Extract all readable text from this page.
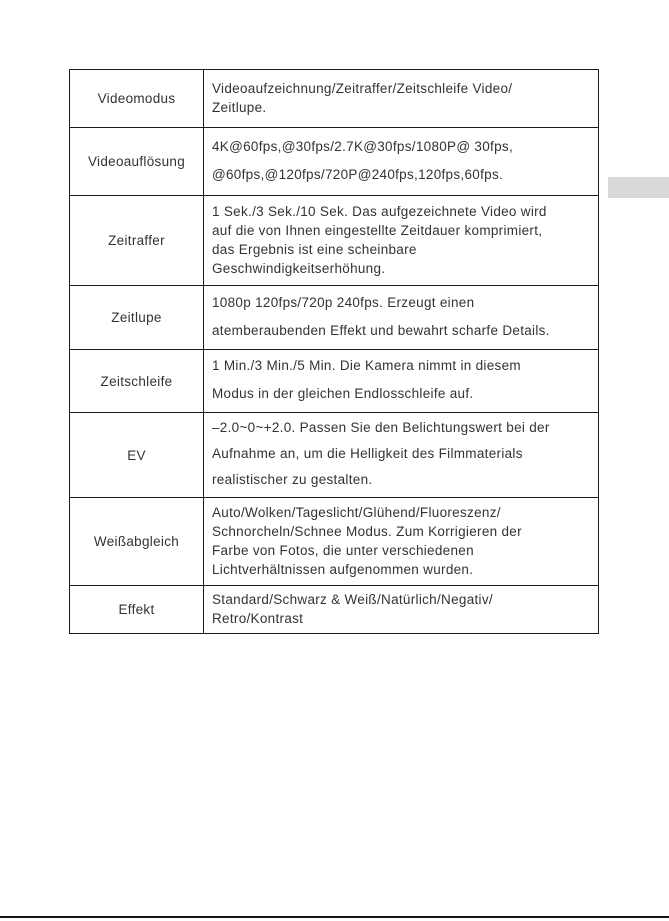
Videomodus	Videoaufzeichnung/Zeitraffer/Zeitschleife Video/
Zeitlupe.

Videoauflösung	4K@60fps,@30fps/2.7K@30fps/1080P@ 30fps,
@60fps,@120fps/720P@240fps,120fps,60fps.

Zeitraffer	1 Sek./3 Sek./10 Sek. Das aufgezeichnete Video wird
auf die von Ihnen eingestellte Zeitdauer komprimiert,
das Ergebnis ist eine scheinbare
Geschwindigkeitserhöhung.

Zeitlupe	1080p 120fps/720p 240fps. Erzeugt einen
atemberaubenden Effekt und bewahrt scharfe Details.

Zeitschleife	1 Min./3 Min./5 Min. Die Kamera nimmt in diesem
Modus in der gleichen Endlosschleife auf.

EV	–2.0~0~+2.0. Passen Sie den Belichtungswert bei der
Aufnahme an, um die Helligkeit des Filmmaterials
realistischer zu gestalten.

Weißabgleich	Auto/Wolken/Tageslicht/Glühend/Fluoreszenz/
Schnorcheln/Schnee Modus. Zum Korrigieren der
Farbe von Fotos, die unter verschiedenen
Lichtverhältnissen aufgenommen wurden.

Effekt	Standard/Schwarz & Weiß/Natürlich/Negativ/
Retro/Kontrast
